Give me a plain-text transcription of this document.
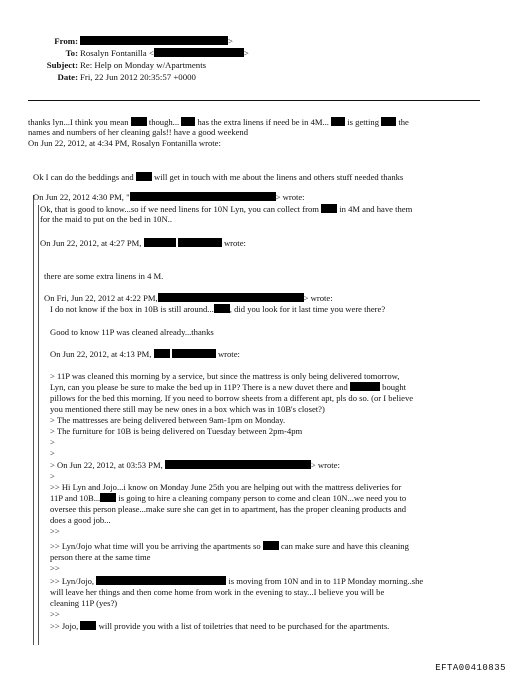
From:	>
To: Rosalyn Fontanilla <	>
Subject: Re: Help on Monday w/Apartments
Date: Fri, 22 Jun 2012 20:35:57 +0000
thanks lyn...I think you mean though... has the extra linens if need be in 4M... is getting the
names and numbers of her cleaning gals!! have a good weekend
On Jun 22, 2012, at 4:34 PM, Rosalyn Fontanilla wrote:
Ok I can do the beddings and will get in touch with me about the linens and others stuff needed thanks
On Jun 22, 2012 4:30 PM, "	> wrote:
Ok, that is good to know...so if we need linens for 10N Lyn, you can collect from in 4M and have them
for the maid to put on the bed in 10N..
On Jun 22, 2012, at 4:27 PM,	wrote:
there are some extra linens in 4 M.
On Fri, Jun 22, 2012 at 4:22 PM,	> wrote:
I do not know if the box in 10B is still around... , did you look for it last time you were there?
Good to know 11P was cleaned already...thanks
On Jun 22, 2012, at 4:13 PM,	wrote:
> 11P was cleaned this morning by a service, but since the mattress is only being delivered tomorrow,
Lyn, can you please be sure to make the bed up in 11P? There is a new duvet there and	bought
pillows for the bed this morning. If you need to borrow sheets from a different apt, pls do so. (or I believe
you mentioned there still may be new ones in a box which was in 10B's closet?)
> The mattresses are being delivered between 9am-1pm on Monday.
> The furniture for 10B is being delivered on Tuesday between 2pm-4pm
>
>
> On Jun 22, 2012, at 03:53 PM,	> wrote:
>
>> Hi Lyn and Jojo...i know on Monday June 25th you are helping out with the mattress deliveries for
11P and 10B... is going to hire a cleaning company person to come and clean 10N...we need you to
oversee this person please...make sure she can get in to apartment, has the proper cleaning products and
does a good job...
>>
>> Lyn/Jojo what time will you be arriving the apartments so can make sure and have this cleaning
person there at the same time
>>
>> Lyn/Jojo,	is moving from 10N and in to 11P Monday morning..she
will leave her things and then come home from work in the evening to stay...I believe you will be
cleaning 11P (yes?)
>>
>> Jojo, will provide you with a list of toiletries that need to be purchased for the apartments.
EFTA00410835
